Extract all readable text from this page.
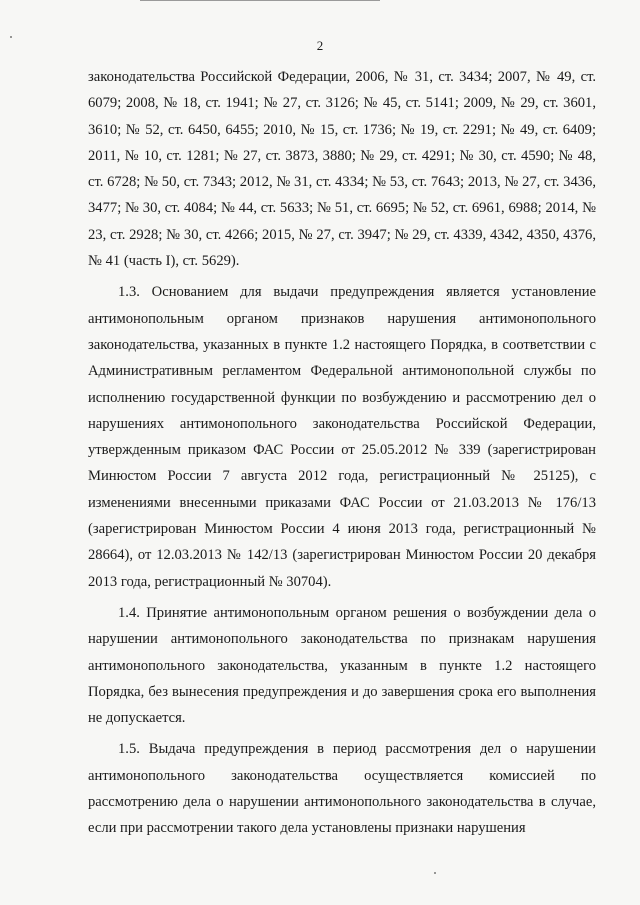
2

законодательства Российской Федерации, 2006, № 31, ст. 3434; 2007, № 49, ст. 6079; 2008, № 18, ст. 1941; № 27, ст. 3126; № 45, ст. 5141; 2009, № 29, ст. 3601, 3610; № 52, ст. 6450, 6455; 2010, № 15, ст. 1736; № 19, ст. 2291; № 49, ст. 6409; 2011, № 10, ст. 1281; № 27, ст. 3873, 3880; № 29, ст. 4291; № 30, ст. 4590; № 48, ст. 6728; № 50, ст. 7343; 2012, № 31, ст. 4334; № 53, ст. 7643; 2013, № 27, ст. 3436, 3477; № 30, ст. 4084; № 44, ст. 5633; № 51, ст. 6695; № 52, ст. 6961, 6988; 2014, № 23, ст. 2928; № 30, ст. 4266; 2015, № 27, ст. 3947; № 29, ст. 4339, 4342, 4350, 4376, № 41 (часть I), ст. 5629).

1.3. Основанием для выдачи предупреждения является установление антимонопольным органом признаков нарушения антимонопольного законодательства, указанных в пункте 1.2 настоящего Порядка, в соответствии с Административным регламентом Федеральной антимонопольной службы по исполнению государственной функции по возбуждению и рассмотрению дел о нарушениях антимонопольного законодательства Российской Федерации, утвержденным приказом ФАС России от 25.05.2012 № 339 (зарегистрирован Минюстом России 7 августа 2012 года, регистрационный № 25125), с изменениями внесенными приказами ФАС России от 21.03.2013 № 176/13 (зарегистрирован Минюстом России 4 июня 2013 года, регистрационный № 28664), от 12.03.2013 № 142/13 (зарегистрирован Минюстом России 20 декабря 2013 года, регистрационный № 30704).

1.4. Принятие антимонопольным органом решения о возбуждении дела о нарушении антимонопольного законодательства по признакам нарушения антимонопольного законодательства, указанным в пункте 1.2 настоящего Порядка, без вынесения предупреждения и до завершения срока его выполнения не допускается.

1.5. Выдача предупреждения в период рассмотрения дел о нарушении антимонопольного законодательства осуществляется комиссией по рассмотрению дела о нарушении антимонопольного законодательства в случае, если при рассмотрении такого дела установлены признаки нарушения
